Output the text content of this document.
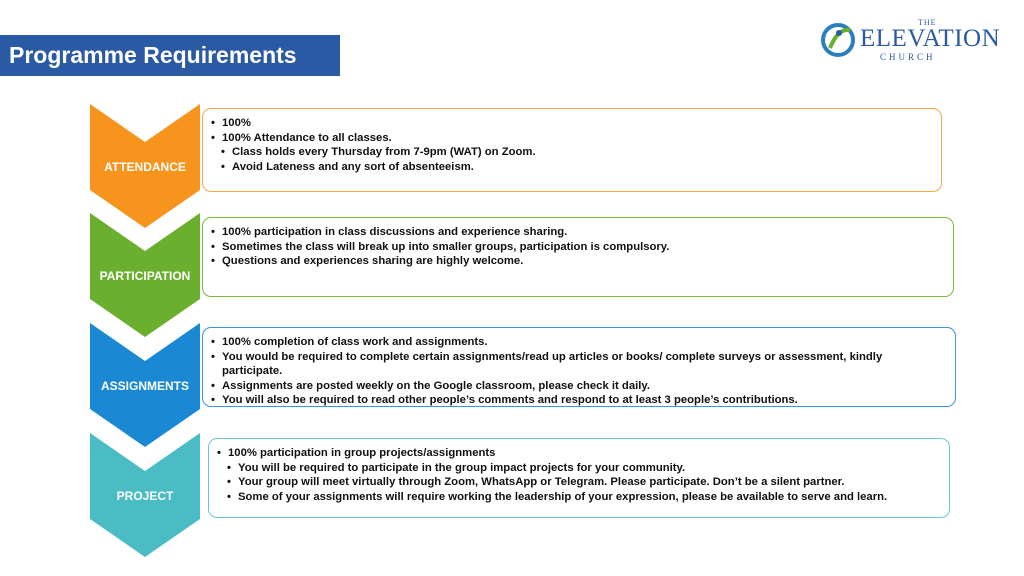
Programme Requirements
THE
ELEVATION
CHURCH
ATTENDANCE
• 100%
• 100% Attendance to all classes.
• Class holds every Thursday from 7-9pm (WAT) on Zoom.
• Avoid Lateness and any sort of absenteeism.
PARTICIPATION
• 100% participation in class discussions and experience sharing.
• Sometimes the class will break up into smaller groups, participation is compulsory.
• Questions and experiences sharing are highly welcome.
ASSIGNMENTS
• 100% completion of class work and assignments.
• You would be required to complete certain assignments/read up articles or books/ complete surveys or assessment, kindly participate.
• Assignments are posted weekly on the Google classroom, please check it daily.
• You will also be required to read other people’s comments and respond to at least 3 people’s contributions.
PROJECT
• 100% participation in group projects/assignments
• You will be required to participate in the group impact projects for your community.
• Your group will meet virtually through Zoom, WhatsApp or Telegram. Please participate. Don’t be a silent partner.
• Some of your assignments will require working the leadership of your expression, please be available to serve and learn.
